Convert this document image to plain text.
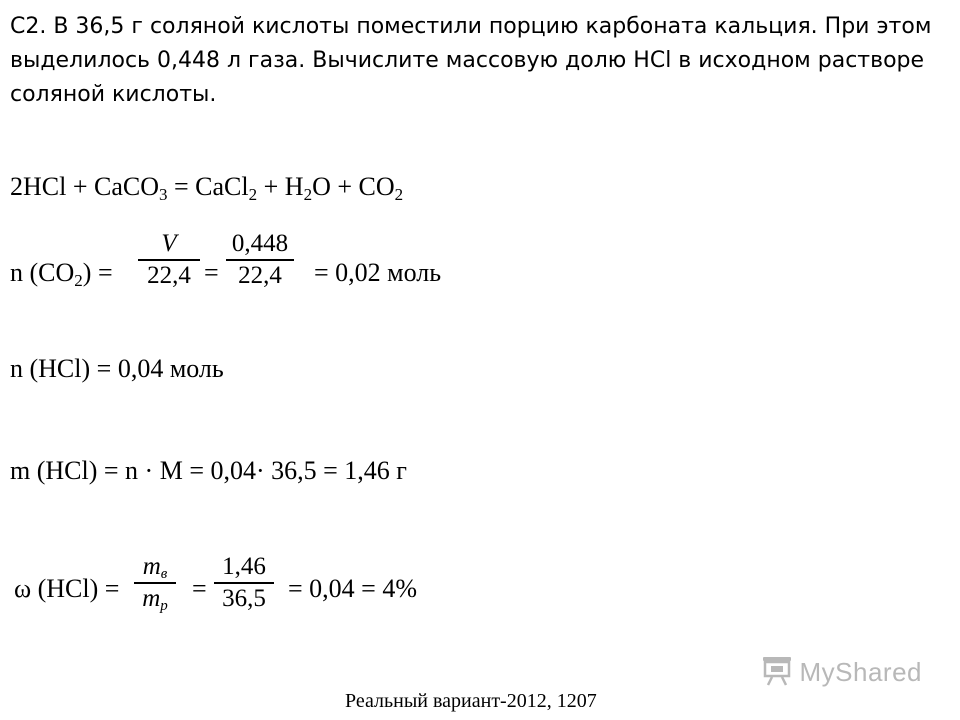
С2. В 36,5 г соляной кислоты поместили порцию карбоната кальция. При этом выделилось 0,448 л газа. Вычислите массовую долю HCl в исходном растворе соляной кислоты.
2HCl + CaCO$_3$ = CaCl$_2$ + $H_2O + CO_2$
n $(CO_2)$ =
V
22,4 =
0,448
22,4	= 0,02 моль
n (HCl) = 0,04 моль
m (HCl) = n · M = 0,04· 36,5 = 1,46 г
ω (HCl) =
$m_в$
$m_р$
=
1,46
36,5 = 0,04 = 4%
MyShared
Реальный вариант-2012, 1207
